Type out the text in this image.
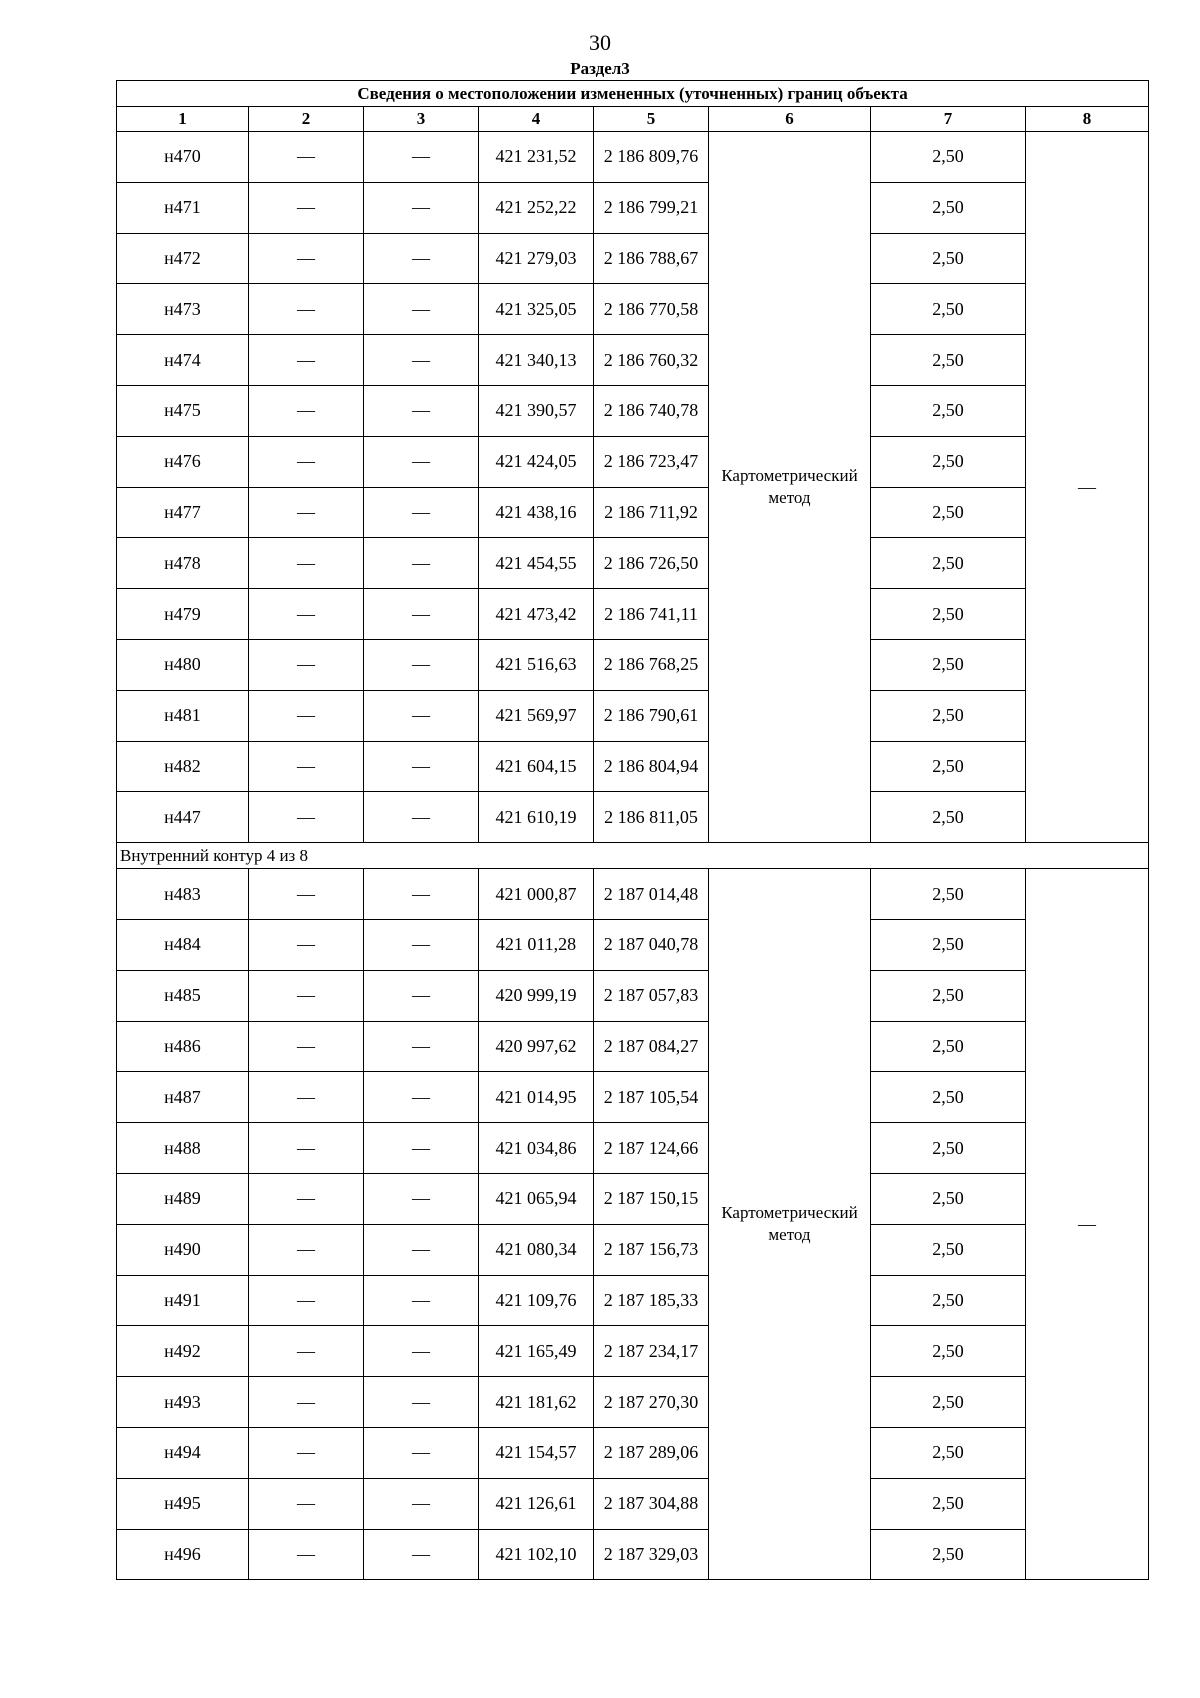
30
Раздел3
Сведения о местоположении измененных (уточненных) границ объекта							
1	2	3	4	5	6	7	8
н470	—	—	421 231,52	2 186 809,76	Картометрический метод	2,50	—
н471	—	—	421 252,22	2 186 799,21		2,50	
н472	—	—	421 279,03	2 186 788,67		2,50	
н473	—	—	421 325,05	2 186 770,58		2,50	
н474	—	—	421 340,13	2 186 760,32		2,50	
н475	—	—	421 390,57	2 186 740,78		2,50	
н476	—	—	421 424,05	2 186 723,47		2,50	
н477	—	—	421 438,16	2 186 711,92		2,50	
н478	—	—	421 454,55	2 186 726,50		2,50	
н479	—	—	421 473,42	2 186 741,11		2,50	
н480	—	—	421 516,63	2 186 768,25		2,50	
н481	—	—	421 569,97	2 186 790,61		2,50	
н482	—	—	421 604,15	2 186 804,94		2,50	
н447	—	—	421 610,19	2 186 811,05		2,50	
Внутренний контур 4 из 8							
н483	—	—	421 000,87	2 187 014,48	Картометрический метод	2,50	—
н484	—	—	421 011,28	2 187 040,78		2,50	
н485	—	—	420 999,19	2 187 057,83		2,50	
н486	—	—	420 997,62	2 187 084,27		2,50	
н487	—	—	421 014,95	2 187 105,54		2,50	
н488	—	—	421 034,86	2 187 124,66		2,50	
н489	—	—	421 065,94	2 187 150,15		2,50	
н490	—	—	421 080,34	2 187 156,73		2,50	
н491	—	—	421 109,76	2 187 185,33		2,50	
н492	—	—	421 165,49	2 187 234,17		2,50	
н493	—	—	421 181,62	2 187 270,30		2,50	
н494	—	—	421 154,57	2 187 289,06		2,50	
н495	—	—	421 126,61	2 187 304,88		2,50	
н496	—	—	421 102,10	2 187 329,03		2,50	
